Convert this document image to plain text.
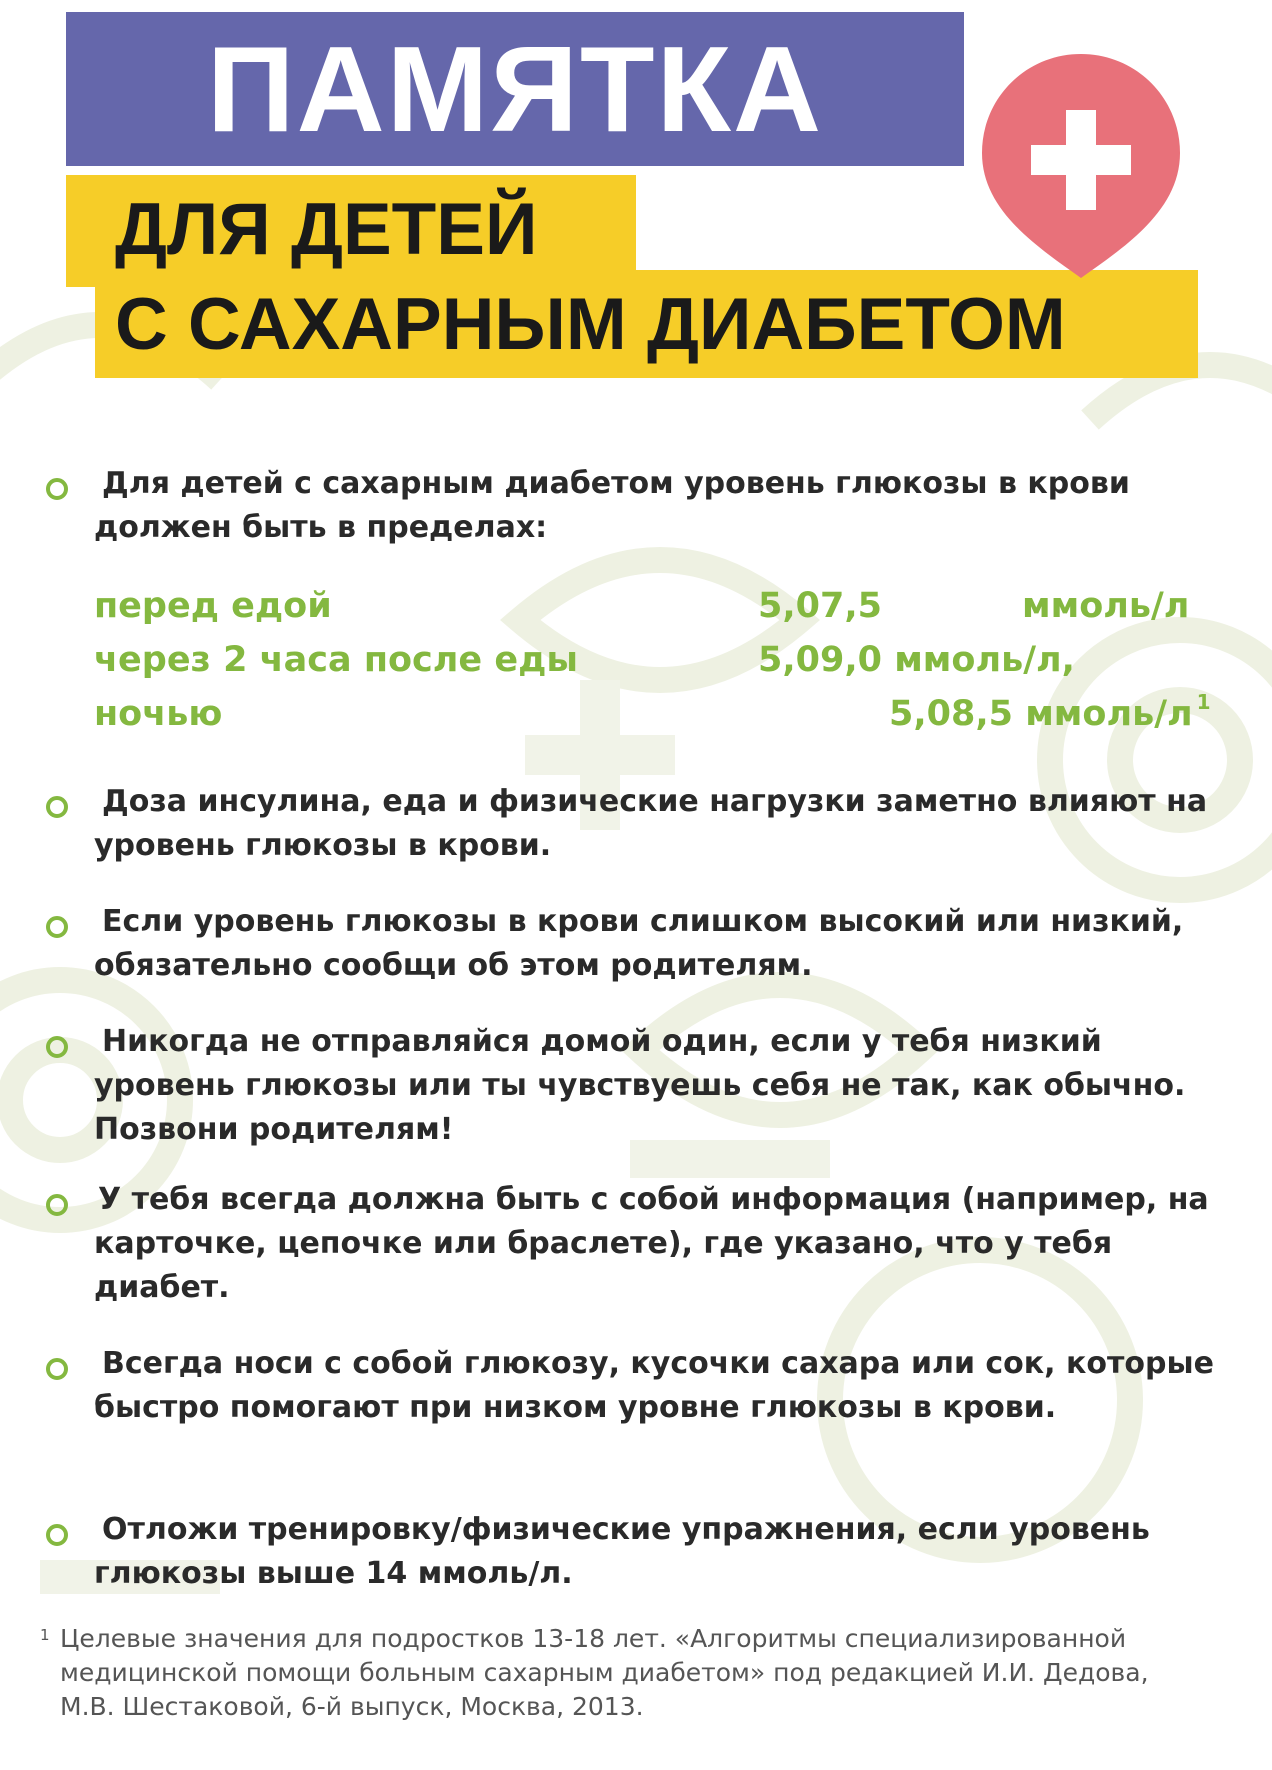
ПАМЯТКА
ДЛЯ ДЕТЕЙ
С САХАРНЫМ ДИАБЕТОМ
Для детей с сахарным диабетом уровень глюкозы в крови должен быть в пределах:
перед едой	5,07,5	ммоль/л
через 2 часа после еды	5,09,0 ммоль/л,
ночью	5,08,5 ммоль/л $^1$
Доза инсулина, еда и физические нагрузки заметно влияют на уровень глюкозы в крови.
Если уровень глюкозы в крови слишком высокий или низкий, обязательно сообщи об этом родителям.
Никогда не отправляйся домой один, если у тебя низкий уровень глюкозы или ты чувствуешь себя не так, как обычно. Позвони родителям!
У тебя всегда должна быть с собой информация (например, на карточке, цепочке или браслете), где указано, что у тебя диабет.
Всегда носи с собой глюкозу, кусочки сахара или сок, которые быстро помогают при низком уровне глюкозы в крови.
Отложи тренировку/физические упражнения, если уровень глюкозы выше 14 ммоль/л.
1 Целевые значения для подростков 13-18 лет. «Алгоритмы специализированной медицинской помощи больным сахарным диабетом» под редакцией И.И. Дедова, М.В. Шестаковой, 6-й выпуск, Москва, 2013.
